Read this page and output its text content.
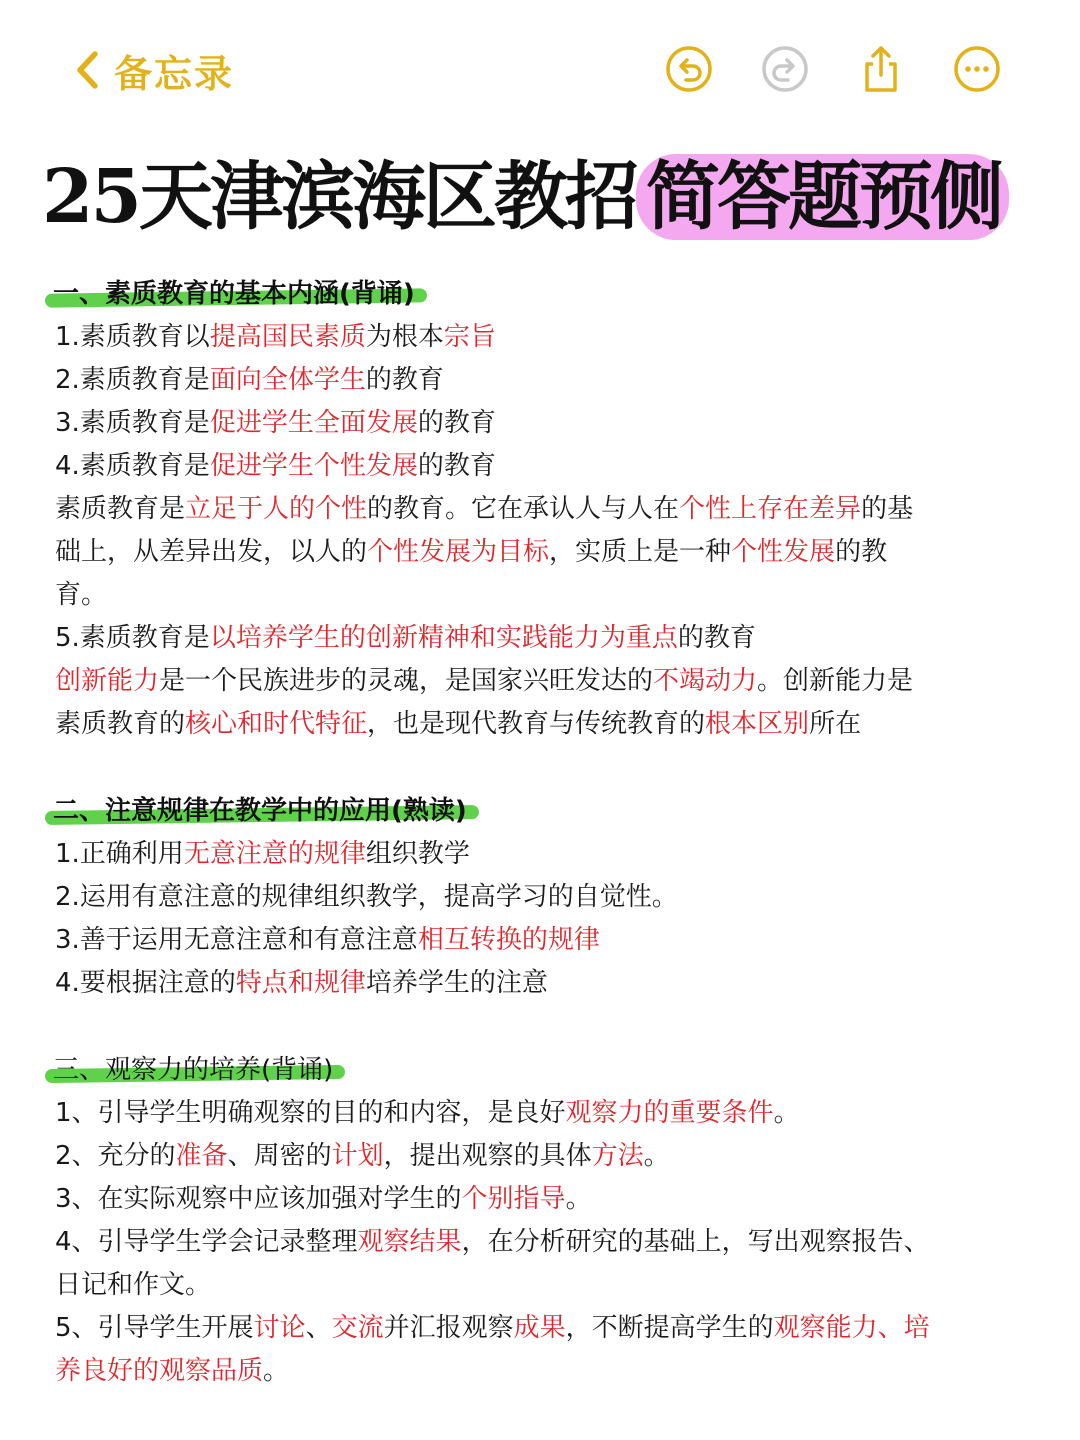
备忘录
25天津滨海区教招 简答题预侧
一、素质教育的基本内涵(背诵)

1.素质教育以提高国民素质为根本宗旨

2.素质教育是面向全体学生的教育

3.素质教育是促进学生全面发展的教育

4.素质教育是促进学生个性发展的教育

素质教育是立足于人的个性的教育。它在承认人与人在个性上存在差异的基

础上，从差异出发，以人的个性发展为目标，实质上是一种个性发展的教

育。

5.素质教育是以培养学生的创新精神和实践能力为重点的教育

创新能力是一个民族进步的灵魂，是国家兴旺发达的不竭动力。创新能力是

素质教育的核心和时代特征，也是现代教育与传统教育的根本区别所在

二、注意规律在教学中的应用(熟读)

1.正确利用无意注意的规律组织教学

2.运用有意注意的规律组织教学，提高学习的自觉性。

3.善于运用无意注意和有意注意相互转换的规律

4.要根据注意的特点和规律培养学生的注意

三、观察力的培养(背诵)

1、引导学生明确观察的目的和内容，是良好观察力的重要条件。

2、充分的准备、周密的计划，提出观察的具体方法。

3、在实际观察中应该加强对学生的个别指导。

4、引导学生学会记录整理观察结果，在分析研究的基础上，写出观察报告、

日记和作文。

5、引导学生开展讨论、交流并汇报观察成果，不断提高学生的观察能力、培

养良好的观察品质。
